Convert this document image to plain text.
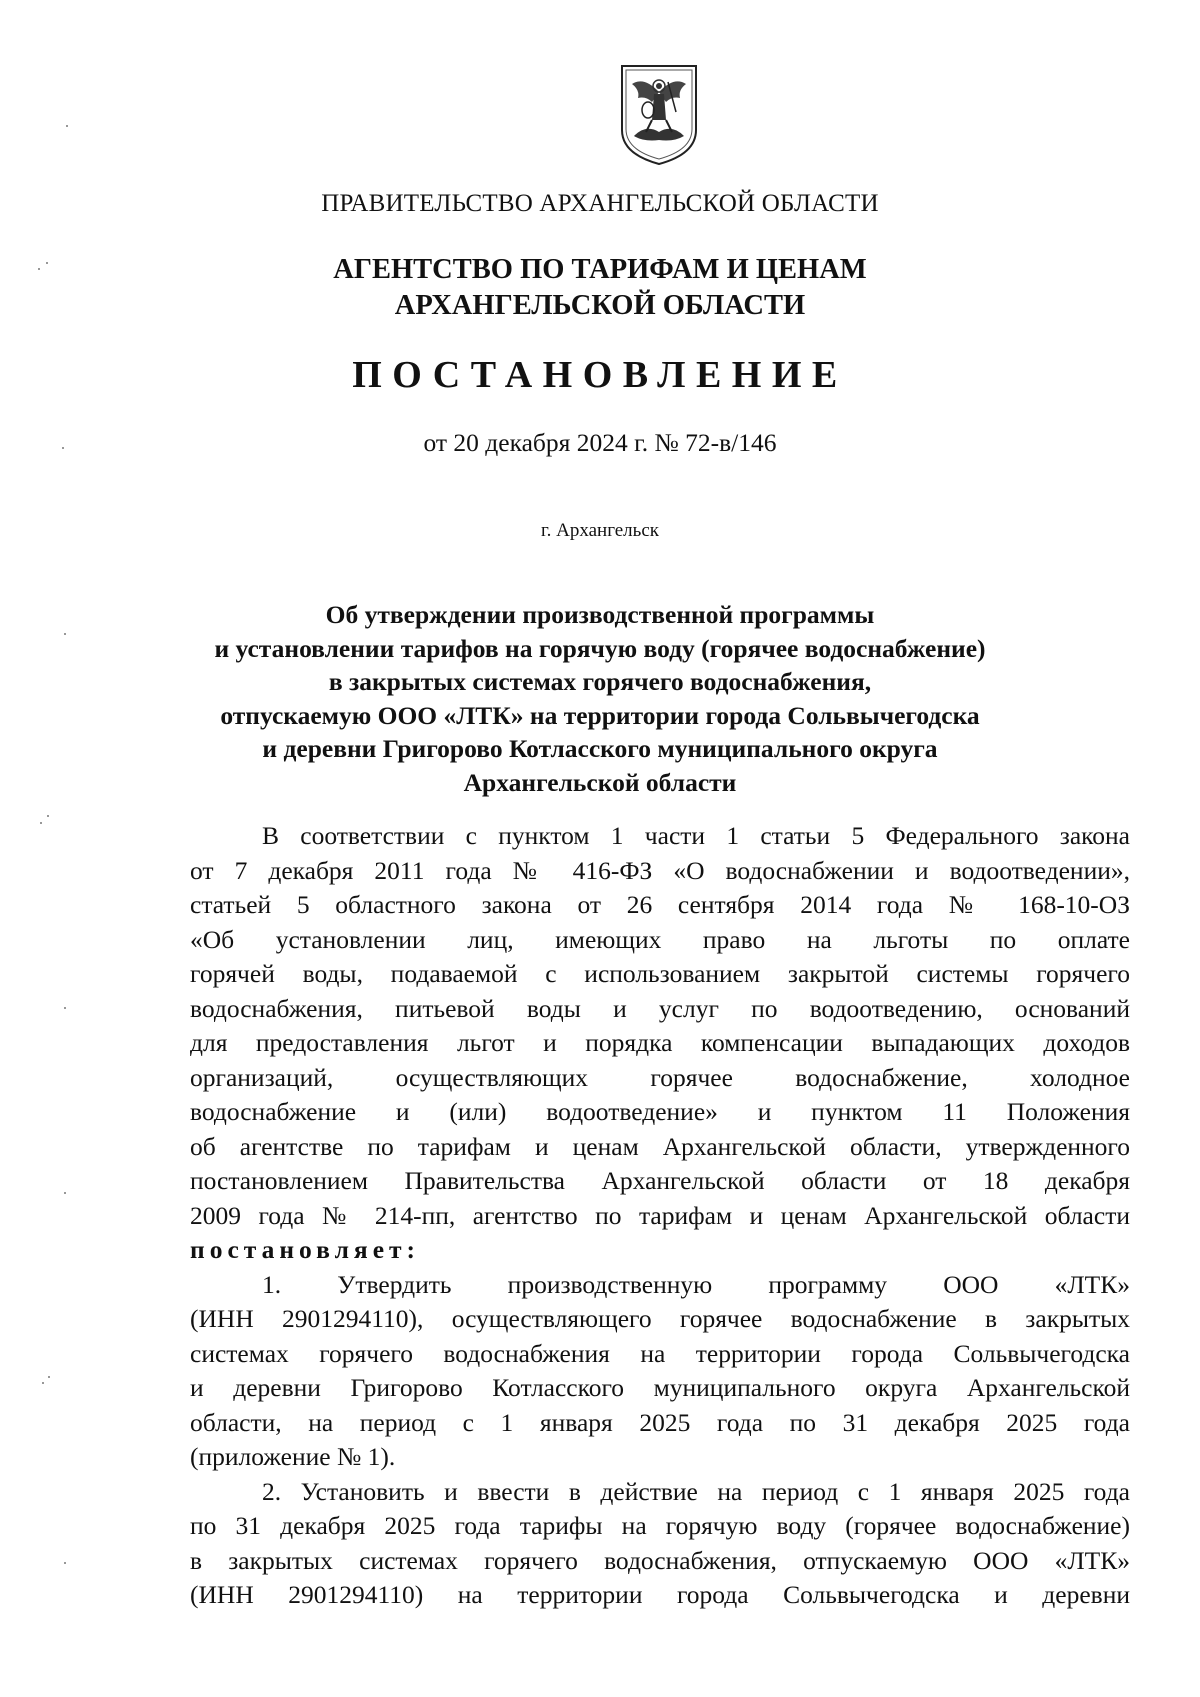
ПРАВИТЕЛЬСТВО АРХАНГЕЛЬСКОЙ ОБЛАСТИ
АГЕНТСТВО ПО ТАРИФАМ И ЦЕНАМ
АРХАНГЕЛЬСКОЙ ОБЛАСТИ
ПОСТАНОВЛЕНИЕ
от 20 декабря 2024 г. № 72-в/146
г. Архангельск
Об утверждении производственной программы
и установлении тарифов на горячую воду (горячее водоснабжение)
в закрытых системах горячего водоснабжения,
отпускаемую ООО «ЛТК» на территории города Сольвычегодска
и деревни Григорово Котласского муниципального округа
Архангельской области
В соответствии с пунктом 1 части 1 статьи 5 Федерального закона
от 7 декабря 2011 года № 416-ФЗ «О водоснабжении и водоотведении»,
статьей 5 областного закона от 26 сентября 2014 года № 168-10-ОЗ
«Об установлении лиц, имеющих право на льготы по оплате
горячей воды, подаваемой с использованием закрытой системы горячего
водоснабжения, питьевой воды и услуг по водоотведению, оснований
для предоставления льгот и порядка компенсации выпадающих доходов
организаций, осуществляющих горячее водоснабжение, холодное
водоснабжение и (или) водоотведение» и пунктом 11 Положения
об агентстве по тарифам и ценам Архангельской области, утвержденного
постановлением Правительства Архангельской области от 18 декабря
2009 года № 214-пп, агентство по тарифам и ценам Архангельской области
постановляет:
1. Утвердить производственную программу ООО «ЛТК»
(ИНН 2901294110), осуществляющего горячее водоснабжение в закрытых
системах горячего водоснабжения на территории города Сольвычегодска
и деревни Григорово Котласского муниципального округа Архангельской
области, на период с 1 января 2025 года по 31 декабря 2025 года
(приложение № 1).
2. Установить и ввести в действие на период с 1 января 2025 года
по 31 декабря 2025 года тарифы на горячую воду (горячее водоснабжение)
в закрытых системах горячего водоснабжения, отпускаемую ООО «ЛТК»
(ИНН 2901294110) на территории города Сольвычегодска и деревни
